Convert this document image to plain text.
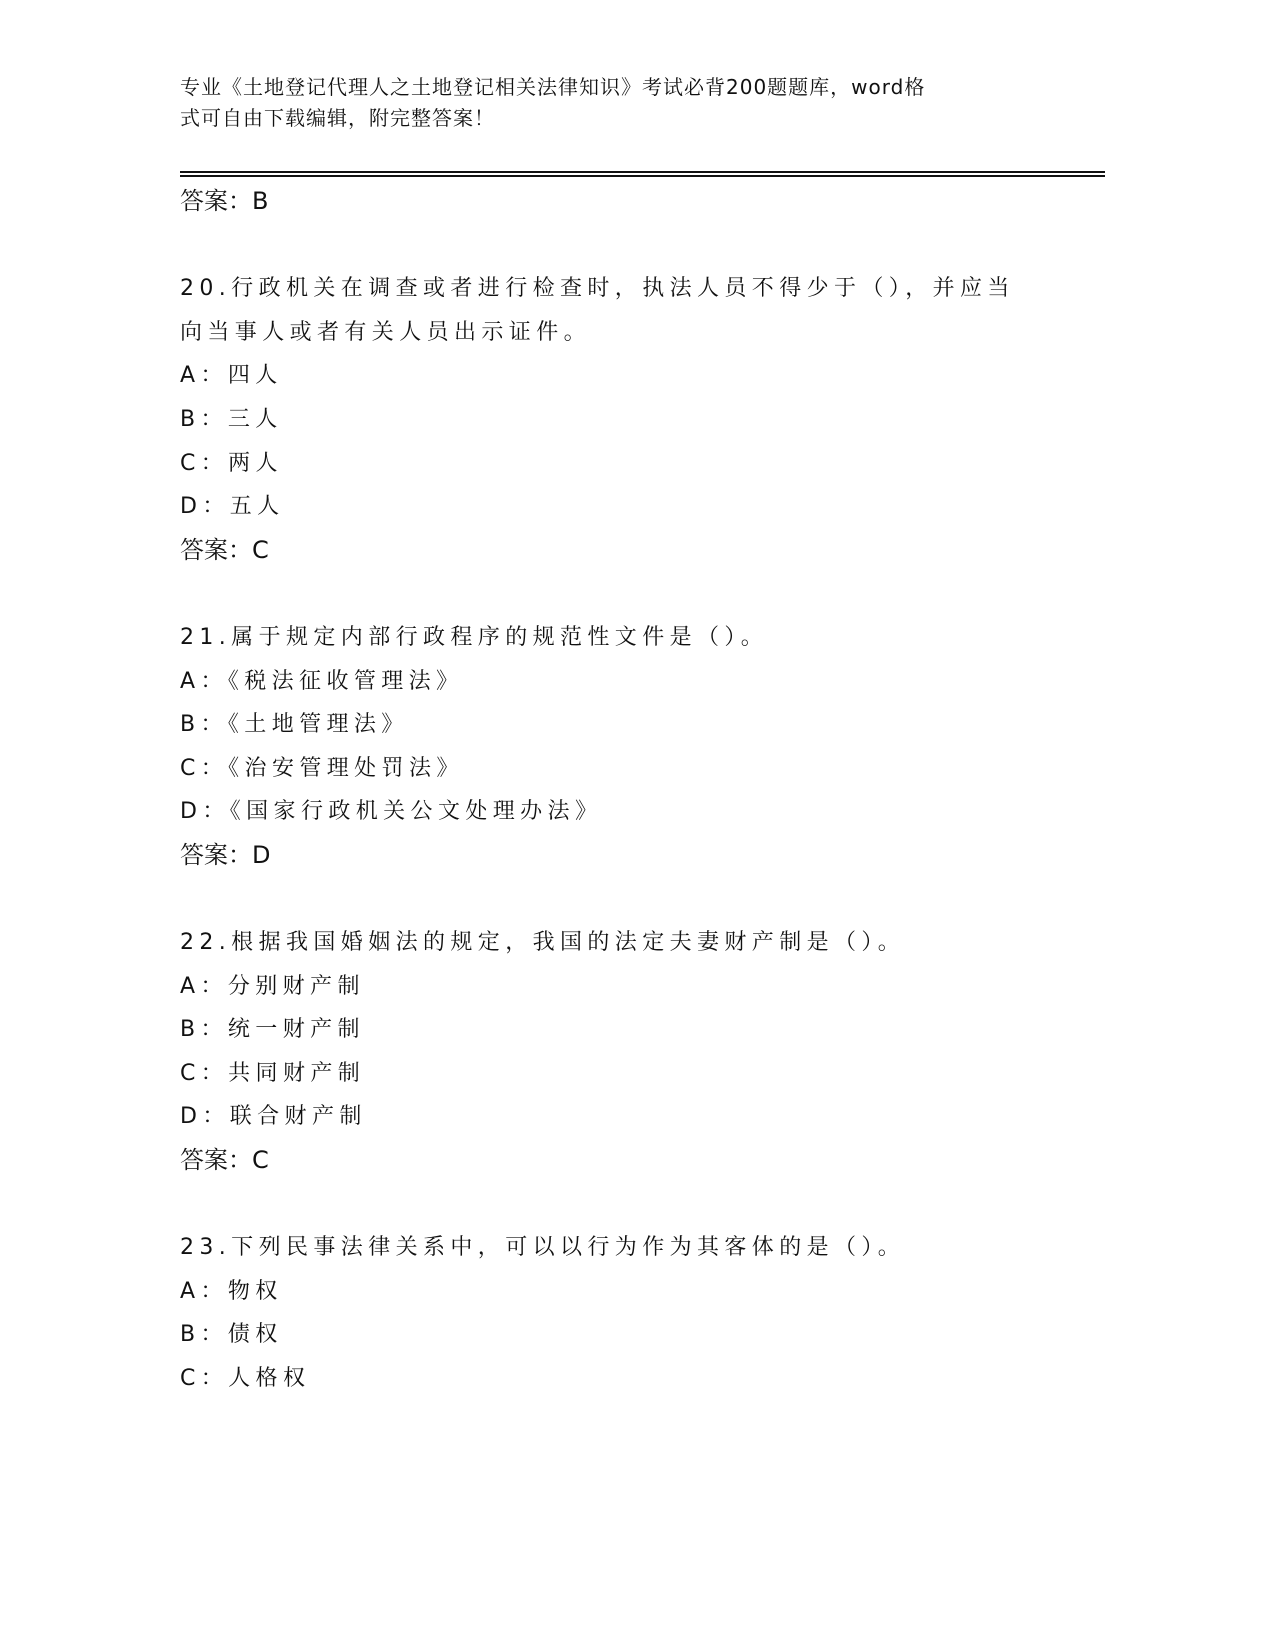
专业《土地登记代理人之土地登记相关法律知识》考试必背200题题库，word格
式可自由下载编辑，附完整答案！
答案：B
20.行政机关在调查或者进行检查时，执法人员不得少于（），并应当
向当事人或者有关人员出示证件。
A：四人
B：三人
C：两人
D：五人
答案：C
21.属于规定内部行政程序的规范性文件是（）。
A：《税法征收管理法》
B：《土地管理法》
C：《治安管理处罚法》
D：《国家行政机关公文处理办法》
答案：D
22.根据我国婚姻法的规定，我国的法定夫妻财产制是（）。
A：分别财产制
B：统一财产制
C：共同财产制
D：联合财产制
答案：C
23.下列民事法律关系中，可以以行为作为其客体的是（）。
A：物权
B：债权
C：人格权
